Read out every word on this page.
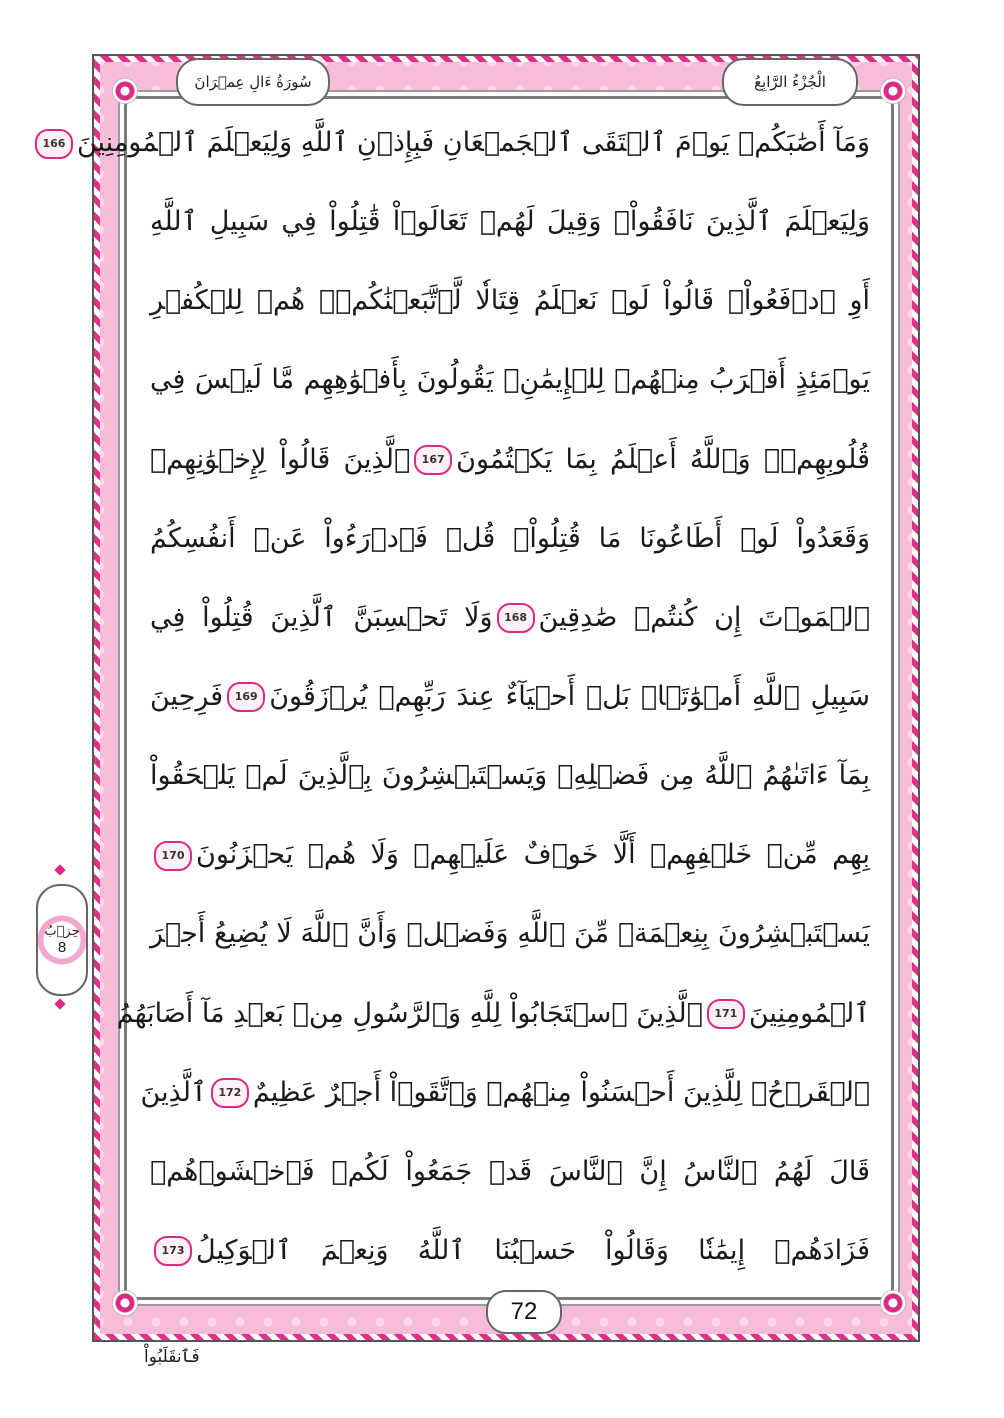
سُورَةُ ءَالِ عِمۡرَانَ	الْجُزْءُ الرَّابِعُ
وَمَآ أَصَٰبَكُمۡ يَوۡمَ ٱلۡتَقَى ٱلۡجَمۡعَانِ فَبِإِذۡنِ ٱللَّهِ وَلِيَعۡلَمَ ٱلۡمُومِنِينَ166
وَلِيَعۡلَمَ ٱلَّذِينَ نَافَقُواْۚ وَقِيلَ لَهُمۡ تَعَالَوۡاْ قَٰتِلُواْ فِي سَبِيلِ ٱللَّهِ
أَوِ ٱدۡفَعُواْۖ قَالُواْ لَوۡ نَعۡلَمُ قِتَالٗا لَّٱتَّبَعۡنَٰكُمۡۗ هُمۡ لِلۡكُفۡرِ
يَوۡمَئِذٍ أَقۡرَبُ مِنۡهُمۡ لِلۡإِيمَٰنِۚ يَقُولُونَ بِأَفۡوَٰهِهِم مَّا لَيۡسَ فِي
قُلُوبِهِمۡۚ وَٱللَّهُ أَعۡلَمُ بِمَا يَكۡتُمُونَ167ٱلَّذِينَ قَالُواْ لِإِخۡوَٰنِهِمۡ
وَقَعَدُواْ لَوۡ أَطَاعُونَا مَا قُتِلُواْۗ قُلۡ فَٱدۡرَءُواْ عَنۡ أَنفُسِكُمُ
ٱلۡمَوۡتَ إِن كُنتُمۡ صَٰدِقِينَ168وَلَا تَحۡسِبَنَّ ٱلَّذِينَ قُتِلُواْ فِي
سَبِيلِ ٱللَّهِ أَمۡوَٰتَۢاۚ بَلۡ أَحۡيَآءٌ عِندَ رَبِّهِمۡ يُرۡزَقُونَ169فَرِحِينَ
بِمَآ ءَاتَىٰهُمُ ٱللَّهُ مِن فَضۡلِهِۦ وَيَسۡتَبۡشِرُونَ بِٱلَّذِينَ لَمۡ يَلۡحَقُواْ
بِهِم مِّنۡ خَلۡفِهِمۡ أَلَّا خَوۡفٌ عَلَيۡهِمۡ وَلَا هُمۡ يَحۡزَنُونَ170
يَسۡتَبۡشِرُونَ بِنِعۡمَةٖ مِّنَ ٱللَّهِ وَفَضۡلٖ وَأَنَّ ٱللَّهَ لَا يُضِيعُ أَجۡرَ
ٱلۡمُومِنِينَ171ٱلَّذِينَ ٱسۡتَجَابُواْ لِلَّهِ وَٱلرَّسُولِ مِنۢ بَعۡدِ مَآ أَصَابَهُمُ
ٱلۡقَرۡحُۚ لِلَّذِينَ أَحۡسَنُواْ مِنۡهُمۡ وَٱتَّقَوۡاْ أَجۡرٌ عَظِيمٌ172ٱلَّذِينَ
قَالَ لَهُمُ ٱلنَّاسُ إِنَّ ٱلنَّاسَ قَدۡ جَمَعُواْ لَكُمۡ فَٱخۡشَوۡهُمۡ
فَزَادَهُمۡ إِيمَٰنٗا وَقَالُواْ حَسۡبُنَا ٱللَّهُ وَنِعۡمَ ٱلۡوَكِيلُ173
72
فَٱنقَلَبُواْ
حِزۡبُ
8
